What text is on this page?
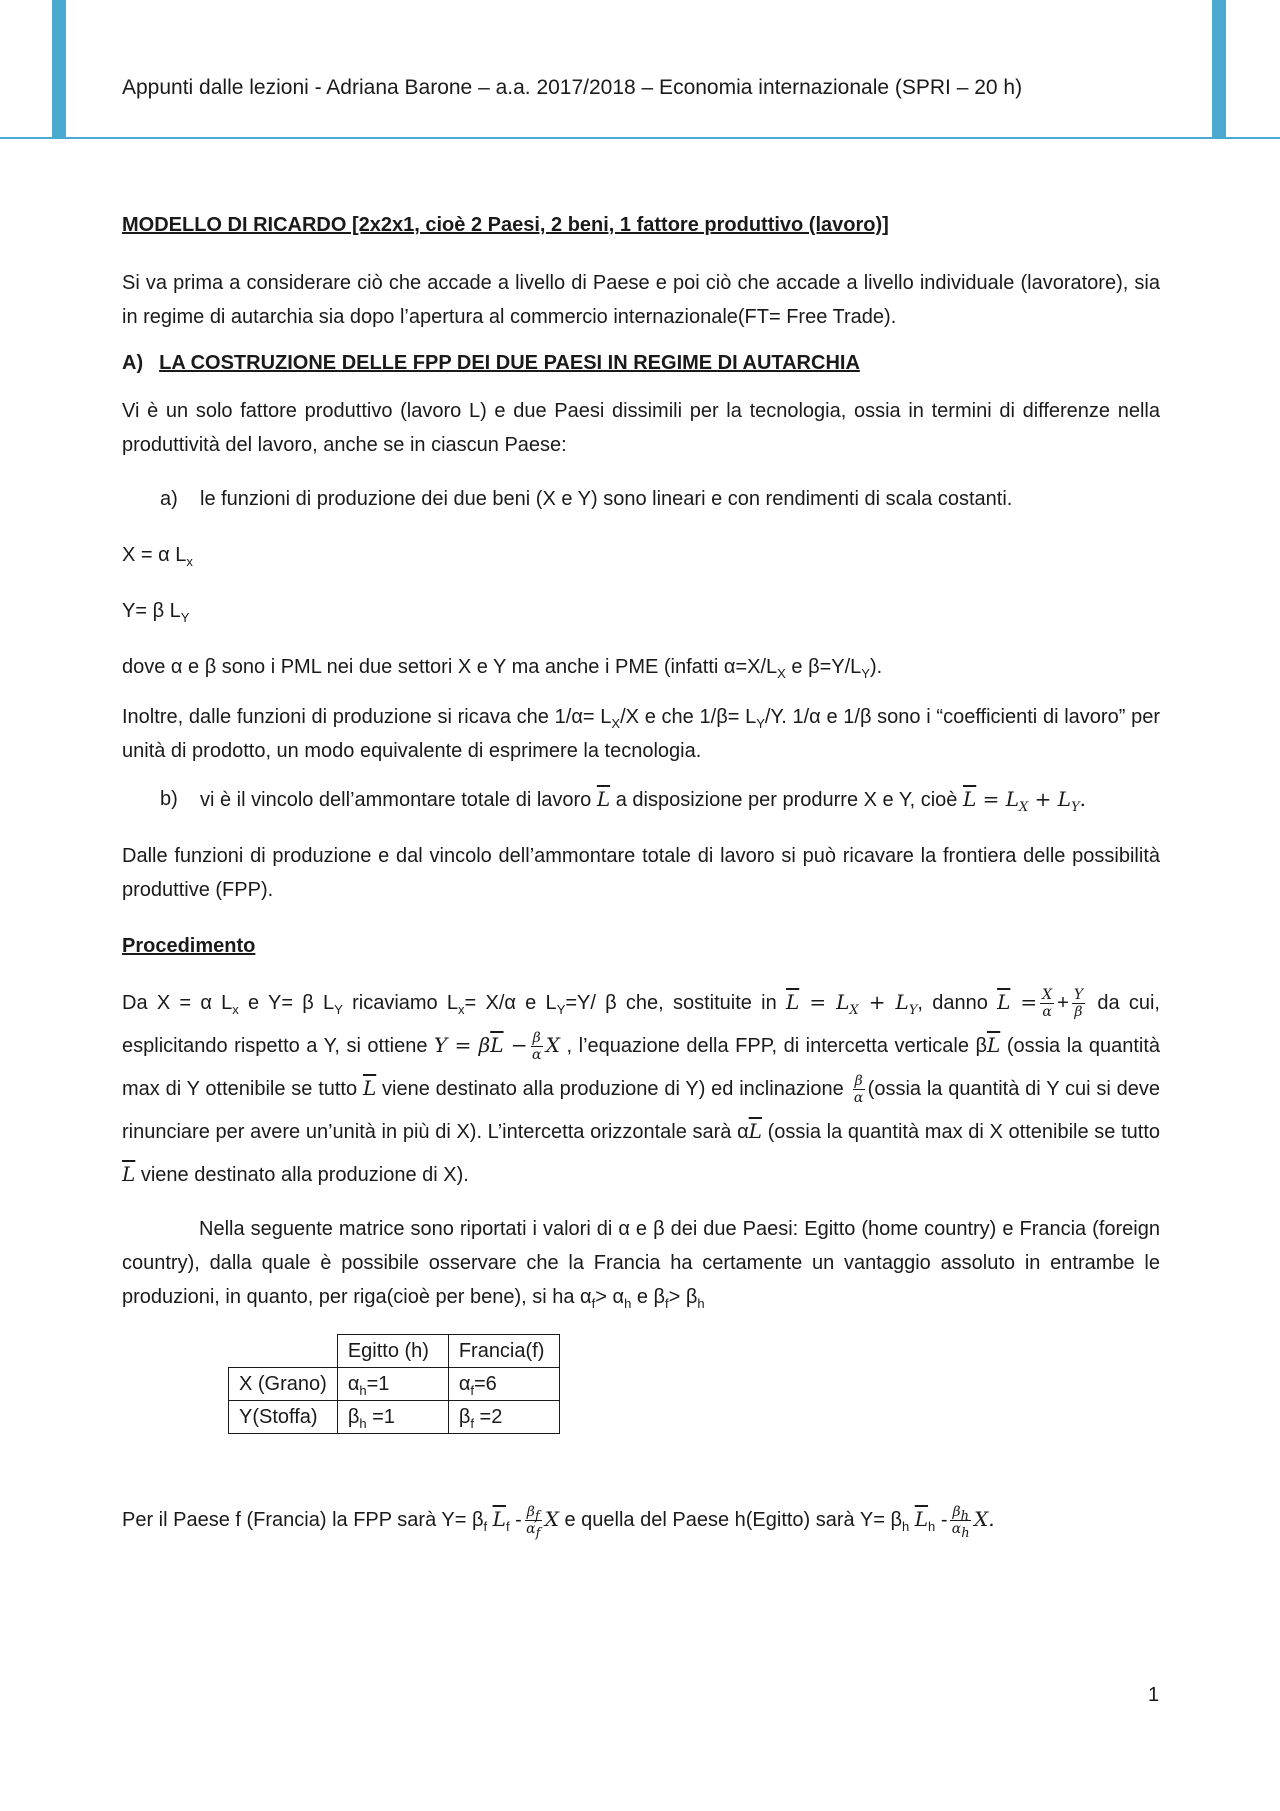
Appunti dalle lezioni - Adriana Barone – a.a. 2017/2018 – Economia internazionale (SPRI – 20 h)

MODELLO DI RICARDO [2x2x1, cioè 2 Paesi, 2 beni, 1 fattore produttivo (lavoro)]

Si va prima a considerare ciò che accade a livello di Paese e poi ciò che accade a livello individuale (lavoratore), sia in regime di autarchia sia dopo l’apertura al commercio internazionale(FT= Free Trade).

A) LA COSTRUZIONE DELLE FPP DEI DUE PAESI IN REGIME DI AUTARCHIA

Vi è un solo fattore produttivo (lavoro L) e due Paesi dissimili per la tecnologia, ossia in termini di differenze nella produttività del lavoro, anche se in ciascun Paese:

a)	le funzioni di produzione dei due beni (X e Y) sono lineari e con rendimenti di scala costanti.

X = α $L_x$

Y= β $L_Y$

dove α e β sono i PML nei due settori X e Y ma anche i PME (infatti $\alpha=X/L_X$ e $\beta=Y/L_Y$).

Inoltre, dalle funzioni di produzione si ricava che $1/\alpha= L_X/X$ e che $1/\beta= L_Y/Y$. 1/α e 1/β sono i “coefficienti di lavoro” per unità di prodotto, un modo equivalente di esprimere la tecnologia.

b)	vi è il vincolo dell’ammontare totale di lavoro $\overline{L}$ a disposizione per produrre X e Y, cioè $\overline{L} = L_X + L_Y$.

Dalle funzioni di produzione e dal vincolo dell’ammontare totale di lavoro si può ricavare la frontiera delle possibilità produttive (FPP).

Procedimento

Da X = α $L_x$ e Y= β $L_Y$ ricaviamo $L_x= X/\alpha$ e $L_Y=Y/$ β che, sostituite in $\overline{L} = L_X + L_Y$, danno $\overline{L} = \frac{X}{\alpha} + \frac{Y}{\beta}$ da cui, esplicitando rispetto a Y, si ottiene $Y = \beta\overline{L} - \frac{\beta}{\alpha}$ X , l’equazione della FPP, di intercetta verticale $\beta\overline{L}$ (ossia la quantità max di Y ottenibile se tutto $\overline{L}$ viene destinato alla produzione di Y) ed inclinazione $\frac{\beta}{\alpha}$ (ossia la quantità di Y cui si deve rinunciare per avere un’unità in più di X). L’intercetta orizzontale sarà $\alpha\overline{L}$ (ossia la quantità max di X ottenibile se tutto $\overline{L}$ viene destinato alla produzione di X).

Nella seguente matrice sono riportati i valori di α e β dei due Paesi: Egitto (home country) e Francia (foreign country), dalla quale è possibile osservare che la Francia ha certamente un vantaggio assoluto in entrambe le produzioni, in quanto, per riga(cioè per bene), si ha $\alpha_f> \alpha_h$ e $\beta_f> \beta_h$

	Egitto (h)	Francia(f)
X (Grano)	$\alpha_h=1$	$\alpha_f=6$
Y(Stoffa)	$\beta_h =1$	$\beta_f =2$

Per il Paese f (Francia) la FPP sarà $Y= \beta_f$ $\overline{L}_f - \frac{\beta_f}{\alpha_f}$ X e quella del Paese h(Egitto) sarà $Y= \beta_h$ $\overline{L}_h - \frac{\beta_h}{\alpha_h} X$.

1
